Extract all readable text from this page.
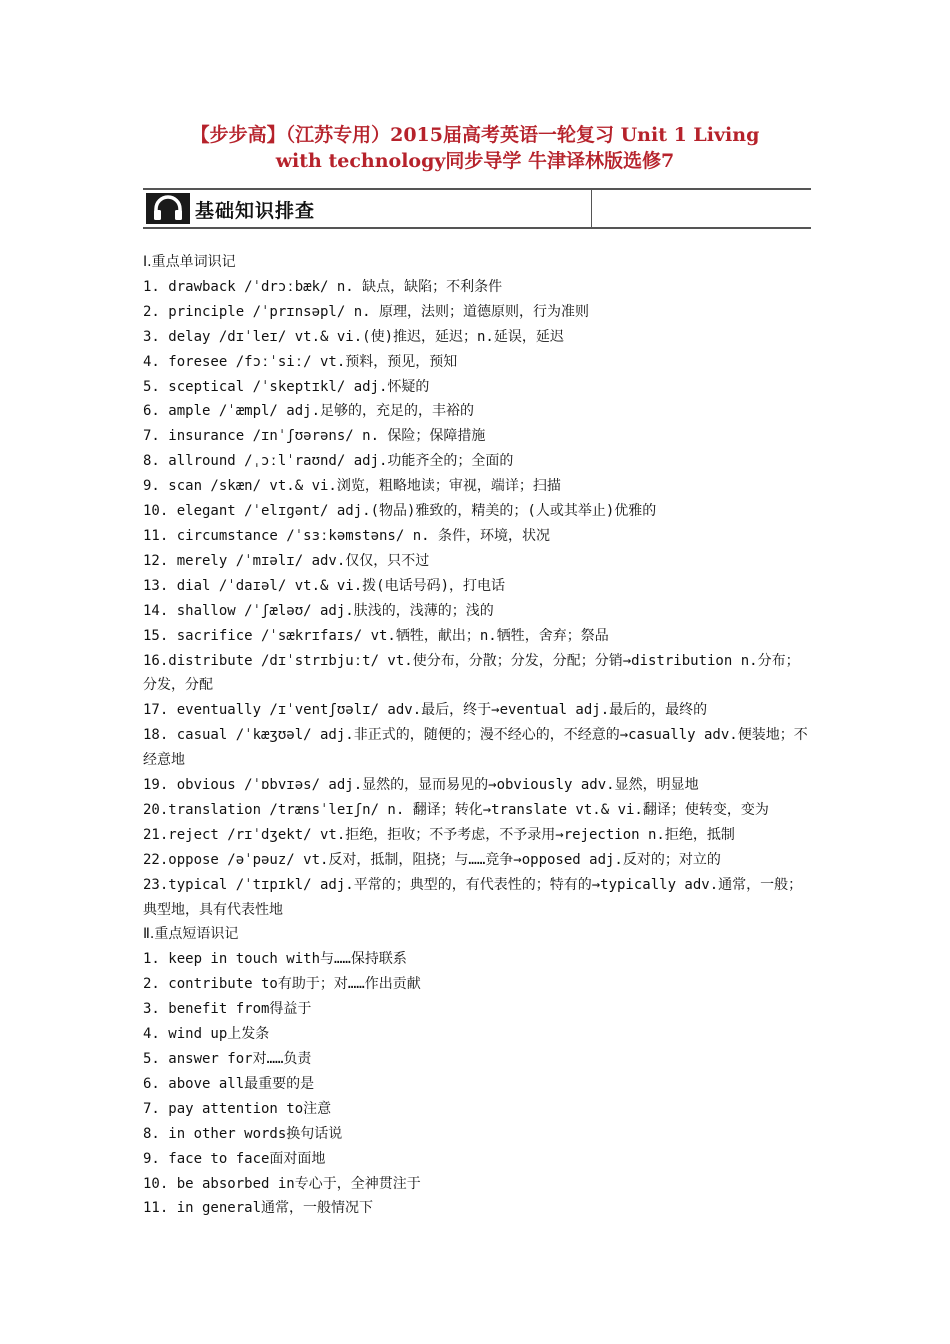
【步步高】（江苏专用）2015届高考英语一轮复习 Unit 1 Living
with technology同步导学 牛津译林版选修7
基础知识排查
Ⅰ.重点单词识记
1. drawback /ˈdrɔːbæk/ n. 缺点，缺陷；不利条件
2. principle /ˈprɪnsəpl/ n. 原理，法则；道德原则，行为准则
3. delay /dɪˈleɪ/ vt.& vi.(使)推迟，延迟；n.延误，延迟
4. foresee /fɔːˈsiː/ vt.预料，预见，预知
5. sceptical /ˈskeptɪkl/ adj.怀疑的
6. ample /ˈæmpl/ adj.足够的，充足的，丰裕的
7. insurance /ɪnˈʃʊərəns/ n. 保险；保障措施
8. allround /ˌɔːlˈraʊnd/ adj.功能齐全的；全面的
9. scan /skæn/ vt.& vi.浏览，粗略地读；审视，端详；扫描
10. elegant /ˈelɪgənt/ adj.(物品)雅致的，精美的；(人或其举止)优雅的
11. circumstance /ˈsɜːkəmstəns/ n. 条件，环境，状况
12. merely /ˈmɪəlɪ/ adv.仅仅，只不过
13. dial /ˈdaɪəl/ vt.& vi.拨(电话号码)，打电话
14. shallow /ˈʃæləʊ/ adj.肤浅的，浅薄的；浅的
15. sacrifice /ˈsækrɪfaɪs/ vt.牺牲，献出；n.牺牲，舍弃；祭品
16.distribute /dɪˈstrɪbjuːt/ vt.使分布，分散；分发，分配；分销→distribution n.分布；分发，分配
17. eventually /ɪˈventʃʊəlɪ/ adv.最后，终于→eventual adj.最后的，最终的
18. casual /ˈkæʒʊəl/ adj.非正式的，随便的；漫不经心的，不经意的→casually adv.便装地；不经意地
19. obvious /ˈɒbvɪəs/ adj.显然的，显而易见的→obviously adv.显然，明显地
20.translation /trænsˈleɪʃn/ n. 翻译；转化→translate vt.& vi.翻译；使转变，变为
21.reject /rɪˈdʒekt/ vt.拒绝，拒收；不予考虑，不予录用→rejection n.拒绝，抵制
22.oppose /əˈpəuz/ vt.反对，抵制，阻挠；与……竞争→opposed adj.反对的；对立的
23.typical /ˈtɪpɪkl/ adj.平常的；典型的，有代表性的；特有的→typically adv.通常，一般；典型地，具有代表性地
Ⅱ.重点短语识记
1. keep in touch with与……保持联系
2. contribute to有助于；对……作出贡献
3. benefit from得益于
4. wind up上发条
5. answer for对……负责
6. above all最重要的是
7. pay attention to注意
8. in other words换句话说
9. face to face面对面地
10. be absorbed in专心于，全神贯注于
11. in general通常，一般情况下
